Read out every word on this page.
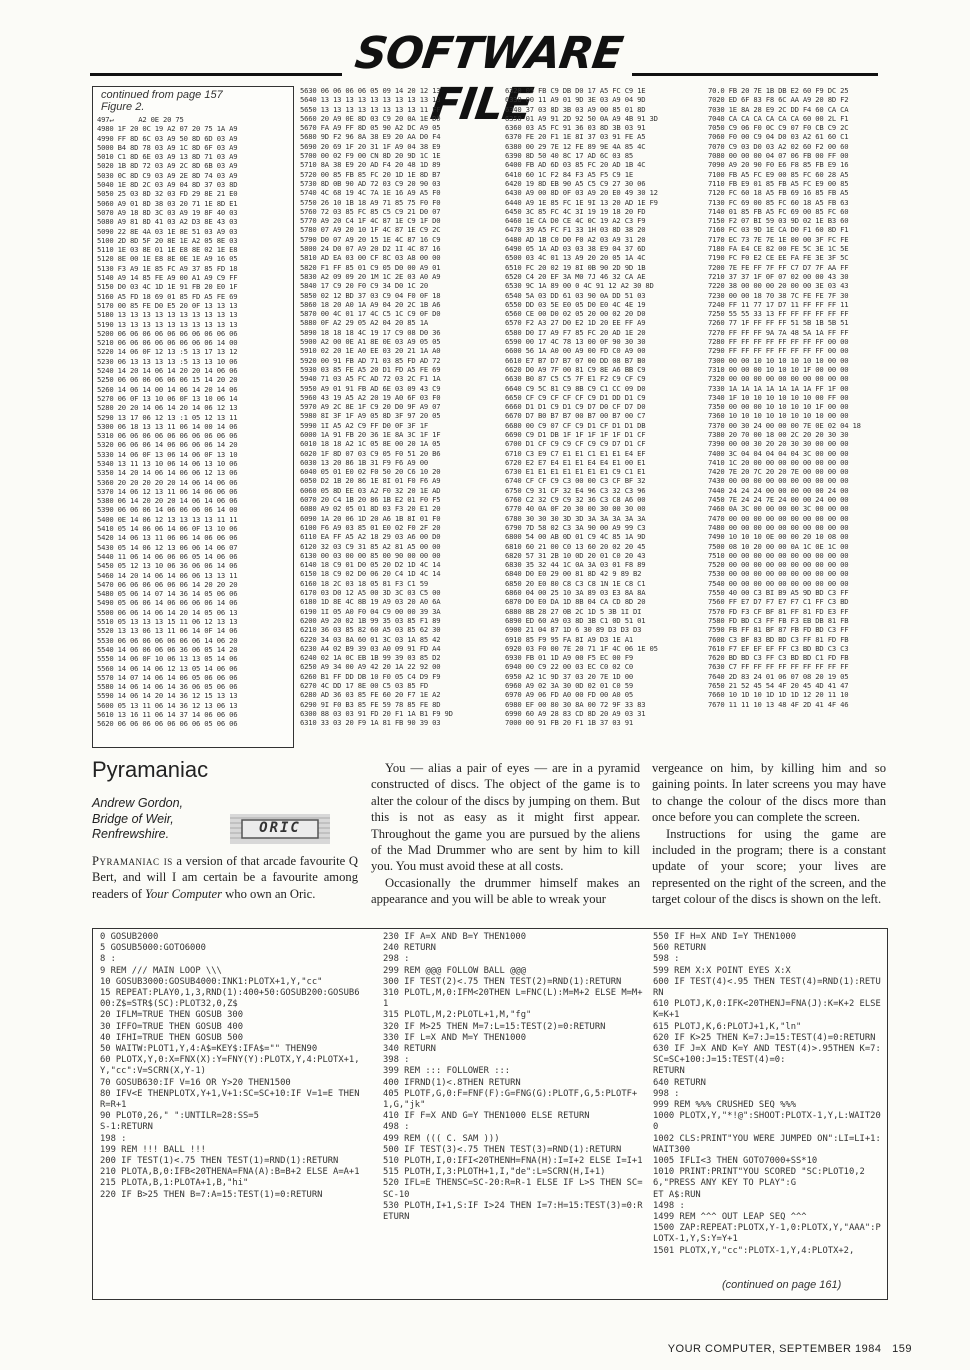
SOFTWARE FILE
continued from page 157
Figure 2.
497↵      A2 0E 20 75
4980 1F 20 0C 19 A2 07 20 75 1A A9
4990 FF 8D 6C 03 A9 50 8D 6D 03 A9
5000 B4 8D 78 03 A9 1C 8D 6F 03 A9
5010 C1 8D 6E 03 A9 13 8D 71 03 A9
5020 1B 8D 72 03 A9 2C 8D 6B 03 A9
5030 0C 8D C9 03 A9 2E 8D 74 03 A9
5040 1E 8D 2C 03 A9 04 8D 37 03 8D
5050 25 03 8D 32 03 FD 29 8E 21 E0
5060 A9 01 8D 38 03 20 71 1E 8D E1
5070 A9 18 8D 3C 03 A9 19 8F 40 03
5080 A9 81 8D 41 03 A2 D3 8E 43 03
5090 22 8E 4A 03 1E 8E 51 03 A9 03
5100 2D 8D 5F 20 8E 1E A2 05 8E 03
5110 1E 03 8E 01 1E E8 8E 02 1E E8
5120 8E 00 1E E8 8E 0E 1E A9 16 05
5130 F3 A9 1E 85 FC A9 37 85 FD 18
5140 A9 14 85 FE A9 00 A1 A9 C9 FF
5150 D0 03 4C 1D 1E 91 FB 20 E0 1F
5160 A5 FD 18 69 01 85 FD A5 FE 69
5170 00 85 FE D0 E5 20 0F 13 13 13
5180 13 13 13 13 13 13 13 13 13 13
5190 13 13 13 13 13 13 13 13 13 13
5200 06 06 06 06 06 06 06 06 06 06
5210 06 06 06 06 06 06 06 06 14 00
5220 14 06 0F 12 13 :5 13 17 13 12
5230 06 13 13 13 13 :5 13 13 10 06
5240 14 20 14 06 14 20 20 14 06 06
5250 06 06 06 06 06 06 15 14 20 20
5260 14 06 14 00 14 06 14 20 14 06
5270 06 0F 13 10 06 0F 13 10 06 14
5280 20 20 14 06 14 20 14 06 12 13
5290 13 17 06 12 13 :1 05 12 13 11
5300 06 18 13 13 11 06 14 00 14 06
5310 06 06 06 06 06 06 06 06 06 06
5320 06 06 06 14 06 06 06 06 14 20
5330 14 06 0F 13 06 14 06 0F 13 10
5340 13 11 13 10 06 14 06 13 10 06
5350 14 20 14 06 14 06 06 12 13 06
5360 20 20 20 20 20 14 06 14 06 06
5370 14 06 12 13 11 06 14 06 06 06
5380 06 14 20 20 20 14 06 14 06 06
5390 06 06 06 14 06 06 06 06 14 00
5400 0E 14 06 12 13 13 13 13 11 11
5410 05 14 06 06 14 06 0F 13 10 06
5420 14 06 13 11 06 06 14 06 06 06
5430 05 14 06 12 13 06 06 14 06 07
5440 11 06 14 06 06 06 05 14 06 06
5450 05 12 13 10 06 36 06 06 14 06
5460 14 20 14 06 14 06 06 13 13 11
5470 06 06 06 06 06 06 14 20 20 20
5480 05 06 14 07 14 36 14 05 06 06
5490 05 06 06 14 06 06 06 06 14 06
5500 06 06 14 06 14 20 14 05 06 13
5510 05 13 13 13 15 11 06 12 13 13
5520 13 13 06 13 11 06 14 0F 14 06
5530 06 06 06 06 06 06 06 14 06 20
5540 14 06 06 06 06 36 06 05 14 20
5550 14 06 0F 10 06 13 13 05 14 06
5560 14 06 14 06 12 13 05 14 06 06
5570 14 07 14 06 14 06 05 06 06 06
5580 14 06 14 06 14 36 06 05 06 06
5590 14 06 14 20 14 36 12 15 13 13
5600 05 13 11 06 14 36 12 13 06 13
5610 13 16 11 06 14 37 14 06 06 06
5620 06 06 06 06 06 06 06 05 06 06
5630 06 06 06 06 05 09 14 20 12 13
5640 13 13 13 13 13 13 13 13 13 13
5650 13 13 13 13 13 13 13 13 11 FF
5660 20 A9 0E 8D 03 C9 20 0A 1E D0
5670 FA A9 FF 8D 05 90 A2 DC A9 05
5680 9D F2 96 8A 38 E9 20 AA D0 F4
5690 20 69 1F 20 31 1F A9 04 38 E9
5700 00 02 F9 00 CN 8D 20 9D 1C 1E
5710 8A 38 E9 20 AD F4 20 48 1D 89
5720 00 85 FB 85 FC 20 1D 1E 8D B7
5730 8D 0B 90 AD 72 03 C9 20 90 03
5740 4C 68 19 4C 7A 1E 16 A9 A5 F0
5750 26 10 1B 18 A9 71 85 75 F0 F0
5760 72 03 85 FC 85 C5 C9 21 D0 07
5770 A9 20 C4 1F 4C 87 1E C9 1F D0
5780 07 A9 20 10 1F 4C 87 1E C9 2C
5790 D0 07 A9 20 15 1E 4C 87 16 C9
5800 24 D0 07 A9 20 D2 1I 4C 87 16
5810 AD EA 03 00 CF 8C 03 A8 00 00
5820 F1 FF 85 01 C9 05 D0 00 A9 01
5830 A2 09 09 20 1M 1C 2E 03 A0 A9
5840 17 C9 20 F0 C9 34 D0 1C 20
5850 02 12 BD 37 03 C9 04 F0 0F 18
5860 18 20 A0 1A A9 04 20 2C 1B A6
5870 00 4C 01 17 4C C5 1C C9 0F D0
5880 0F A2 29 05 A2 04 20 85 1A
5890 18 18 18 4C 19 17 C9 08 D0 36
5900 A2 00 0E A1 8E 0E 03 A9 05 05
5910 02 20 1E A0 EE 03 20 21 1A A0
5920 00 91 FB AD 71 03 85 FD AD 72
5930 03 85 FE A5 20 D1 FD A5 FE 69
5940 71 03 A5 FC AD 72 03 2C F1 1A
5950 A9 01 91 FB AD 6E 03 09 43 C9
5960 43 19 A5 A2 20 19 A0 6F 03 F0
5970 A9 2C 8E 1F C9 20 D0 9F A9 07
5980 8I 3F 1F A9 05 8D 3F 97 20 05
5990 1I A5 A2 C9 FF D0 0F 3F 1F
6000 1A 91 FB 20 36 1E 8A 3C 1F 1F
6010 18 18 A2 1C 05 8E 00 20 1A 05
6020 1F 8D 07 03 C9 05 F0 51 20 B6
6030 13 20 86 1B 31 F9 F6 A9 00
6040 05 01 E0 02 F0 50 20 C6 10 20
6050 D2 1B 20 86 1E 8I 01 F0 F6 A9
6060 05 8D EE 03 A2 F0 32 20 1E AD
6070 20 C4 1B 20 86 1B E2 01 F0 F5
6080 A9 02 05 01 8D 03 F3 20 E1 20
6090 1A 20 06 1D 20 A6 1B 8I 01 F0
6100 F6 A9 03 85 01 E0 02 F0 2F 20
6110 EA FF A5 A2 18 29 03 A6 00 D0
6120 32 03 C9 31 85 A2 81 A5 00 00
6130 00 03 00 00 85 00 90 00 00 00
6140 18 C9 01 D0 05 20 D2 1D 4C 14
6150 18 C9 02 D0 06 20 C4 1D 4C 14
6160 18 2C 03 18 05 81 F3 C1 59
6170 03 D0 12 A5 00 3D 3C 03 C5 00
6180 1D 8E 4C 8B 19 A9 03 20 A0 6A
6190 1I 05 A0 F0 04 C9 00 00 39 3A
6200 A9 20 02 1B 99 35 03 85 F1 89
6210 36 03 85 82 60 A5 03 85 62 30
6220 34 03 8A 60 01 3C 03 1A 85 42
6230 A4 02 B9 39 03 A0 09 91 FD A4
6240 02 1A 0C EB 1B 99 39 03 85 D2
6250 A9 34 00 A9 42 20 1A 22 92 00
6260 B1 FF DD DB 10 F0 05 C4 D9 F9
6270 4C DD 17 8E 00 C5 03 85 FD
6280 AD 36 03 85 FE 60 20 F7 1E A2
6290 9I F0 B3 85 FE 59 78 85 FE 8D
6300 88 03 03 91 FD 20 F1 1A B1 F9 9D
6310 33 03 20 F9 1A 81 FB 90 39 03
6320 05 FB C9 DB D0 17 A5 FC C9 1E
6330 00 11 A9 01 9D 3E 03 A9 04 9D
6340 37 03 8D 3B 03 A9 00 85 01 8D
6350 01 A9 91 2D 92 50 0A A9 4B 91 3D
6360 03 A5 FC 91 36 03 8D 3B 03 91
6370 FE 20 F1 1E 8I 37 03 91 FE A5
6380 00 29 7E 12 FE 89 9E 4A 85 4C
6390 8D 50 40 8C 17 AD 6C 03 85
6400 FB AD 6D 03 85 FC 20 AD 1B 4C
6410 60 1C F2 84 F3 A5 F5 C9 1E
6420 19 8D EB 90 A5 C5 C9 27 30 06
6430 A9 00 8D 0F 03 A9 20 E0 49 30 12
6440 A9 1E 85 FC 1E 9I 13 20 AD 1E F9
6450 3C 85 FC 4C 3I 19 19 18 20 FD
6460 1E CA D0 CE 4C 0C 19 A2 C3 F9
6470 39 A5 FC F1 33 1H 03 8D 38 20
6480 AD 1B C0 D0 F0 A2 03 A9 31 20
6490 05 1A AD 03 03 38 E9 04 37 6D
6500 03 4C 01 13 A9 20 20 05 1A 4C
6510 FC 20 02 19 8I 0B 90 2D 9D 1B
6520 C4 20 EF 3A M0 7J 46 32 CA AE
6530 9C 1A 89 00 0 4C 91 12 A2 30 8D
6540 5A 03 DD 61 03 90 0A DD 51 03
6550 DD 03 5E E0 05 D0 E0 4C 4E 19
6560 CE 00 D0 02 05 20 00 02 20 D0
6570 F2 A3 27 D0 E2 1D 20 EE FF A9
6580 D0 I7 A9 F7 85 FC 20 AD 1E 20
6590 00 17 4C 78 13 00 0F 90 30 30
6600 56 1A A0 00 A9 00 FD C0 A9 00
6610 E7 B7 D7 B7 07 00 DD 08 B7 B0
6620 D0 A9 7F 00 81 C9 8E A6 BB C9
6630 B0 87 C5 C5 7F E1 F2 C9 CF C9
6640 C9 5C 81 C9 8B C9 C1 CC 09 D0
6650 CF C9 CF CF CF C9 D1 DD D1 C9
6660 D1 D1 C9 D1 C9 D7 D0 CF D7 D0
6670 D7 B0 B7 B7 00 B7 00 B7 00 C7
6680 00 C9 07 CF C9 D1 CF D1 D1 DB
6690 C9 D1 DB 1F 1F 1F 1F 1F D1 CF
6700 D1 CF C9 C9 CF C9 C9 D7 D1 CF
6710 C3 E9 C7 E1 E1 C1 E1 E1 E4 EF
6720 E2 E7 E4 E1 E1 E4 E4 E1 00 E1
6730 E1 E1 E1 E1 E1 E1 E1 C9 C1 E1
6740 CF CF C9 C3 00 00 C3 CF BF 32
6750 C9 31 CF 32 E4 96 C3 32 C3 96
6760 C2 32 C9 C9 32 36 C3 C8 A6 00
6770 40 0A 0F 20 30 00 30 00 30 00
6780 30 30 30 3D 3D 3A 3A 3A 3A 3A
6790 7D 58 02 C3 3A 90 00 A9 99 C3
6800 54 00 AB 0D 01 C9 4C 85 1A 9D
6810 60 21 00 C0 13 60 20 02 20 45
6820 57 31 2B 10 0D 20 01 C0 20 43
6830 35 32 44 1C 0A 3A 03 01 F8 89
6840 D0 E0 29 00 81 8D 42 9 89 B2
6850 20 E0 80 C8 C3 C8 1N 1E C8 C1
6860 04 00 25 10 3A 89 03 E3 8A 8A
6870 D0 E0 DA 1D 8B 04 CA CD 8D 20
6880 8B 28 27 0B 2C 1D 5 3B 1I DI
6890 ED 60 A9 03 8D 3B C1 0D 51 01
6900 21 04 87 1D 6 30 89 D3 D3 D3
6910 85 F9 95 FA 8I A9 D3 1E A1
6920 03 F0 00 7E 20 71 1F 4C 06 1E 05
6930 FB 01 1D A9 00 F5 EC 00 F9
6940 00 C9 22 00 03 EC C0 02 C0
6950 A2 1C 9D 37 03 20 7E 1D 00
6960 A9 02 3A 30 0D 02 01 C0 59
6970 A9 06 FD A0 00 FD 00 A0 05
6980 EF 00 80 30 8A 00 72 9F 33 83
6990 60 A9 28 83 CD 8D 20 A9 03 31
7000 00 91 FB 20 F1 1B 37 03 91
70.0 FB 20 7E 1B DB E2 60 F9 DC 25
7020 ED 6F 83 F8 6C AA A9 20 8D F2
7030 1E 8A 28 E9 2C DD F4 60 CA CA
7040 CA CA CA CA CA CA 60 00 2L F1
7050 C9 06 F0 0C C9 07 F0 CB C9 2C
7060 F0 00 C9 04 D0 03 A2 61 60 C1
7070 C9 03 D0 03 A2 02 60 F2 00 60
7080 00 00 00 04 07 06 FB 00 FF 00
7090 A9 20 90 F0 E6 F8 85 FB E9 16
7100 FB A5 FC E9 00 85 FC 60 28 A5
7110 FB E9 01 85 FB A5 FC E9 00 85
7120 FC 60 18 A5 FB 69 16 85 FB A5
7130 FC 69 00 85 FC 60 18 A5 FB 63
7140 01 85 FB A5 FC 69 00 85 FC 60
7150 F2 07 BI 59 03 9D 02 1E B3 60
7160 FC 03 9D 1E CA D0 F1 60 8D F1
7170 EC 73 7E 7E 1E 00 00 3F FC FE
7180 FA E4 CE 82 00 FE 5C 3E 1C 5E
7190 FC F0 E2 CE EE FA FE 3E 3F 5C
7200 7E FE FF 7F FF C7 D7 7F AA FF
7210 37 37 1F 0F 07 02 00 00 43 30
7220 38 00 00 00 20 00 00 3E 03 43
7230 00 00 18 70 38 7C FE FE 7F 30
7240 FF 11 77 17 D7 11 FF FF FF 11
7250 55 55 33 13 FF FF FF FF FF FF
7260 77 1F FF FF FF 51 5B 1B 5B 51
7270 FF FF FF 9A 7A 48 5A 1A FF FF
7280 FF FF FF FF FF FF FF FF 00 00
7290 FF FF FF FF FF FF FF FF 00 00
7300 00 00 10 10 10 10 10 10 00 00
7310 00 00 00 10 10 10 1F 00 00 00
7320 00 00 00 00 00 00 00 00 00 00
7330 1A 1A 1A 1A 1A 1A 1A FF 1F 00
7340 1F 10 10 10 10 10 10 00 FF 00
7350 00 00 00 10 10 10 10 1F 00 00
7360 10 10 10 10 10 10 10 10 00 00
7370 00 30 24 00 00 00 7E 0E 02 04 18
7380 20 70 00 18 00 2C 20 20 30 30
7390 00 00 30 20 20 30 30 00 00 00
7400 3C 04 04 04 04 04 3C 00 00 00
7410 1C 20 00 00 00 00 00 00 00 00
7420 7E 20 7C 20 20 7E 00 00 00 00
7430 00 00 00 00 00 00 00 00 00 00
7440 24 24 24 00 00 00 00 00 24 00
7450 7E 24 24 7E 24 00 00 24 00 00
7460 0A 3C 00 00 00 00 3C 00 00 00
7470 00 00 00 00 00 00 00 00 00 00
7480 00 00 00 00 00 00 00 00 00 00
7490 10 10 10 0E 00 00 20 10 08 00
7500 08 10 20 00 00 0A 1C 0E 1C 00
7510 00 00 00 00 00 00 00 00 00 00
7520 00 00 00 00 00 00 00 00 00 00
7530 00 00 00 00 00 00 00 00 00 00
7540 00 00 00 00 00 00 00 00 00 00
7550 40 00 C3 BI B9 A5 9D BD C3 FF
7560 FF E7 D7 F7 E7 F7 C1 FF C3 BD
7570 FD F3 CF BF 81 FF 81 FD E3 FF
7580 FD BD C3 FF FB F3 EB DB 81 FB
7590 FB FF 81 BF 87 FB FD BD C3 FF
7600 C3 BF 83 BD BD C3 FF 81 FD FB
7610 F7 EF EF EF FF C3 BD BD C3 C3
7620 BD BD C3 FF C3 BD BD C1 FD FB
7630 C7 FF FF FF FF FF FF FF FF FF
7640 2D 83 24 01 06 07 08 20 19 05
7650 21 52 45 54 4F 20 45 4D 41 47
7660 10 1D 10 1D 1D 1D 12 20 11 10
7670 11 11 10 13 48 4F 2D 41 4F 46
Pyramaniac
Andrew Gordon,
Bridge of Weir,
Renfrewshire.	ORIC

Pyramaniac is a version of that arcade favourite Q Bert, and will I am certain be a favourite among readers of Your Computer who own an Oric.

You — alias a pair of eyes — are in a pyramid constructed of discs. The object of the game is to alter the colour of the discs by jumping on them. But this is not as easy as it might first appear. Throughout the game you are pursued by the aliens of the Mad Drummer who are sent by him to kill you. You must avoid these at all costs.

Occasionally the drummer himself makes an appearance and you will be able to wreak your

vergeance on him, by killing him and so gaining points. In later screens you may have to change the colour of the discs more than once before you can complete the screen.

Instructions for using the game are included in the program; there is a constant update of your score; your lives are represented on the right of the screen, and the target colour of the discs is shown on the left.

0 GOSUB2000
5 GOSUB5000:GOTO6000
8 :
9 REM /// MAIN LOOP \\\
10 GOSUB3000:GOSUB4000:INK1:PLOTX+1,Y,"cc"
15 REPEAT:PLAY0,1,3,RND(1):400+50:GOSUB200:GOSUB600:Z$=STR$(SC):PLOT32,0,Z$
20 IFLM=TRUE THEN GOSUB 300
30 IFFO=TRUE THEN GOSUB 400
40 IFHI=TRUE THEN GOSUB 500
50 WAITW:PLOT1,Y,4:A$=KEY$:IFA$="" THEN90
60 PLOTX,Y,0:X=FNX(X):Y=FNY(Y):PLOTX,Y,4:PLOTX+1,Y,"cc":V=SCRN(X,Y-1)
70 GOSUB630:IF V=16 OR Y>20 THEN1500
80 IFV<E THENPLOTX,Y+1,V+1:SC=SC+10:IF V=1=E THEN R=R+1
90 PLOT0,26," ":UNTILR=28:SS=5
S-1:RETURN
198 :
199 REM !!! BALL !!!
200 IF TEST(1)<.75 THEN TEST(1)=RND(1):RETURN
210 PLOTA,B,0:IFB<20THENA=FNA(A):B=B+2 ELSE A=A+1
215 PLOTA,B,1:PLOTA+1,B,"hi"
220 IF B>25 THEN B=7:A=15:TEST(1)=0:RETURN
230 IF A=X AND B=Y THEN1000
240 RETURN
298 :
299 REM @@@ FOLLOW BALL @@@
300 IF TEST(2)<.75 THEN TEST(2)=RND(1):RETURN
310 PLOTL,M,0:IFM<20THEN L=FNC(L):M=M+2 ELSE M=M+1
315 PLOTL,M,2:PLOTL+1,M,"fg"
320 IF M>25 THEN M=7:L=15:TEST(2)=0:RETURN
330 IF L=X AND M=Y THEN1000
340 RETURN
398 :
399 REM ::: FOLLOWER :::
400 IFRND(1)<.8THEN RETURN
405 PLOTF,G,0:F=FNF(F):G=FNG(G):PLOTF,G,5:PLOTF+1,G,"jk"
410 IF F=X AND G=Y THEN1000 ELSE RETURN
498 :
499 REM ((( C. SAM )))
500 IF TEST(3)<.75 THEN TEST(3)=RND(1):RETURN
510 PLOTH,I,0:IFI<20THENH=FNA(H):I=I+2 ELSE I=I+1
515 PLOTH,I,3:PLOTH+1,I,"de":L=SCRN(H,I+1)
520 IFL=E THENSC=SC-20:R=R-1 ELSE IF L>S THEN SC=SC-10
530 PLOTH,I+1,S:IF I>24 THEN I=7:H=15:TEST(3)=0:RETURN
550 IF H=X AND I=Y THEN1000
560 RETURN
598 :
599 REM X:X POINT EYES X:X
600 IF TEST(4)<.95 THEN TEST(4)=RND(1):RETURN
610 PLOTJ,K,0:IFK<20THENJ=FNA(J):K=K+2 ELSE K=K+1
615 PLOTJ,K,6:PLOTJ+1,K,"ln"
620 IF K>25 THEN K=7:J=15:TEST(4)=0:RETURN
630 IF J=X AND K=Y AND TEST(4)>.95THEN K=7:SC=SC+100:J=15:TEST(4)=0:
RETURN
640 RETURN
998 :
999 REM %%% CRUSHED SEQ %%%
1000 PLOTX,Y,"*!@":SHOOT:PLOTX-1,Y,L:WAIT200
1002 CLS:PRINT"YOU WERE JUMPED ON":LI=LI+1:WAIT300
1005 IFLI<3 THEN GOTO7000+SS*10
1010 PRINT:PRINT"YOU SCORED "SC:PLOT10,26,"PRESS ANY KEY TO PLAY":G
ET A$:RUN
1498 :
1499 REM ^^^ OUT LEAP SEQ ^^^
1500 ZAP:REPEAT:PLOTX,Y-1,0:PLOTX,Y,"AAA":PLOTX-1,Y,S:Y=Y+1
1501 PLOTX,Y,"cc":PLOTX-1,Y,4:PLOTX+2,
(continued on page 161)
YOUR COMPUTER, SEPTEMBER 1984   159
